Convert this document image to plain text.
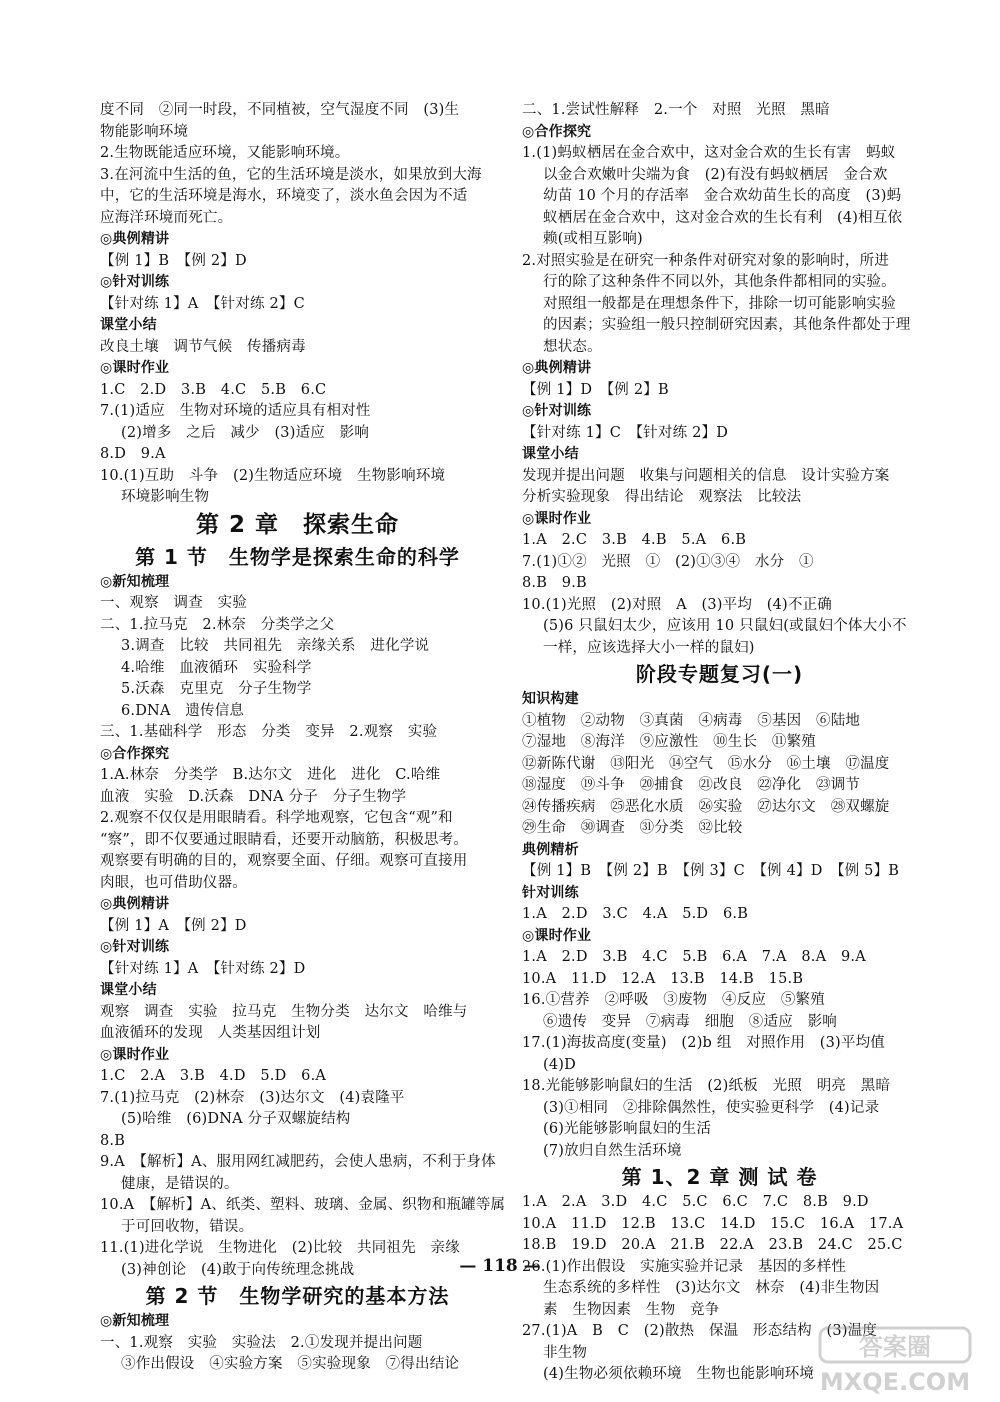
度不同　②同一时段，不同植被，空气湿度不同　(3)生
物能影响环境
2.生物既能适应环境，又能影响环境。
3.在河流中生活的鱼，它的生活环境是淡水，如果放到大海
中，它的生活环境是海水，环境变了，淡水鱼会因为不适
应海洋环境而死亡。
◎典例精讲
【例 1】B　【例 2】D
◎针对训练
【针对练 1】A　【针对练 2】C
课堂小结
改良土壤　调节气候　传播病毒
◎课时作业
1.C　2.D　3.B　4.C　5.B　6.C
7.(1)适应　生物对环境的适应具有相对性
(2)增多　之后　减少　(3)适应　影响
8.D　9.A
10.(1)互助　斗争　(2)生物适应环境　生物影响环境
环境影响生物
第 2 章　探索生命
第 1 节　生物学是探索生命的科学
◎新知梳理
一、观察　调查　实验
二、1.拉马克　2.林奈　分类学之父
3.调查　比较　共同祖先　亲缘关系　进化学说
4.哈维　血液循环　实验科学
5.沃森　克里克　分子生物学
6.DNA　遗传信息
三、1.基础科学　形态　分类　变异　2.观察　实验
◎合作探究
1.A.林奈　分类学　B.达尔文　进化　进化　C.哈维
血液　实验　D.沃森　DNA 分子　分子生物学
2.观察不仅仅是用眼睛看。科学地观察，它包含“观”和
“察”，即不仅要通过眼睛看，还要开动脑筋，积极思考。
观察要有明确的目的，观察要全面、仔细。观察可直接用
肉眼，也可借助仪器。
◎典例精讲
【例 1】A　【例 2】D
◎针对训练
【针对练 1】A　【针对练 2】D
课堂小结
观察　调查　实验　拉马克　生物分类　达尔文　哈维与
血液循环的发现　人类基因组计划
◎课时作业
1.C　2.A　3.B　4.D　5.D　6.A
7.(1)拉马克　(2)林奈　(3)达尔文　(4)袁隆平
(5)哈维　(6)DNA 分子双螺旋结构
8.B
9.A　【解析】A、服用网红减肥药，会使人患病，不利于身体
健康，是错误的。
10.A　【解析】A、纸类、塑料、玻璃、金属、织物和瓶罐等属
于可回收物，错误。
11.(1)进化学说　生物进化　(2)比较　共同祖先　亲缘
(3)神创论　(4)敢于向传统理念挑战
第 2 节　生物学研究的基本方法
◎新知梳理
一、1.观察　实验　实验法　2.①发现并提出问题
③作出假设　④实验方案　⑤实验现象　⑦得出结论
二、1.尝试性解释　2.一个　对照　光照　黑暗
◎合作探究
1.(1)蚂蚁栖居在金合欢中，这对金合欢的生长有害　蚂蚁
以金合欢嫩叶尖端为食　(2)有没有蚂蚁栖居　金合欢
幼苗 10 个月的存活率　金合欢幼苗生长的高度　(3)蚂
蚁栖居在金合欢中，这对金合欢的生长有利　(4)相互依
赖(或相互影响)
2.对照实验是在研究一种条件对研究对象的影响时，所进
行的除了这种条件不同以外，其他条件都相同的实验。
对照组一般都是在理想条件下，排除一切可能影响实验
的因素；实验组一般只控制研究因素，其他条件都处于理
想状态。
◎典例精讲
【例 1】D　【例 2】B
◎针对训练
【针对练 1】C　【针对练 2】D
课堂小结
发现并提出问题　收集与问题相关的信息　设计实验方案
分析实验现象　得出结论　观察法　比较法
◎课时作业
1.A　2.C　3.B　4.B　5.A　6.B
7.(1)①②　光照　①　(2)①③④　水分　①
8.B　9.B
10.(1)光照　(2)对照　A　(3)平均　(4)不正确
(5)6 只鼠妇太少，应该用 10 只鼠妇(或鼠妇个体大小不
一样，应该选择大小一样的鼠妇)
阶段专题复习(一)
知识构建
①植物　②动物　③真菌　④病毒　⑤基因　⑥陆地
⑦湿地　⑧海洋　⑨应激性　⑩生长　⑪繁殖
⑫新陈代谢　⑬阳光　⑭空气　⑮水分　⑯土壤　⑰温度
⑱湿度　⑲斗争　⑳捕食　㉑改良　㉒净化　㉓调节
㉔传播疾病　㉕恶化水质　㉖实验　㉗达尔文　㉘双螺旋
㉙生命　㉚调查　㉛分类　㉜比较
典例精析
【例 1】B　【例 2】B　【例 3】C　【例 4】D　【例 5】B
针对训练
1.A　2.D　3.C　4.A　5.D　6.B
◎课时作业
1.A　2.D　3.B　4.C　5.B　6.A　7.A　8.A　9.A
10.A　11.D　12.A　13.B　14.B　15.B
16.①营养　②呼吸　③废物　④反应　⑤繁殖
⑥遗传　变异　⑦病毒　细胞　⑧适应　影响
17.(1)海拔高度(变量)　(2)b 组　对照作用　(3)平均值
(4)D
18.光能够影响鼠妇的生活　(2)纸板　光照　明亮　黑暗
(3)①相同　②排除偶然性，使实验更科学　(4)记录
(6)光能够影响鼠妇的生活
(7)放归自然生活环境
第 1、2 章 测 试 卷
1.A　2.A　3.D　4.C　5.C　6.C　7.C　8.B　9.D
10.A　11.D　12.B　13.C　14.D　15.C　16.A　17.A
18.B　19.D　20.A　21.B　22.A　23.B　24.C　25.C
26.(1)作出假设　实施实验并记录　基因的多样性
生态系统的多样性　(3)达尔文　林奈　(4)非生物因
素　生物因素　生物　竞争
27.(1)A　B　C　(2)散热　保温　形态结构　(3)温度
非生物
(4)生物必须依赖环境　生物也能影响环境
— 118 —
答案圈
MXQE.COM
